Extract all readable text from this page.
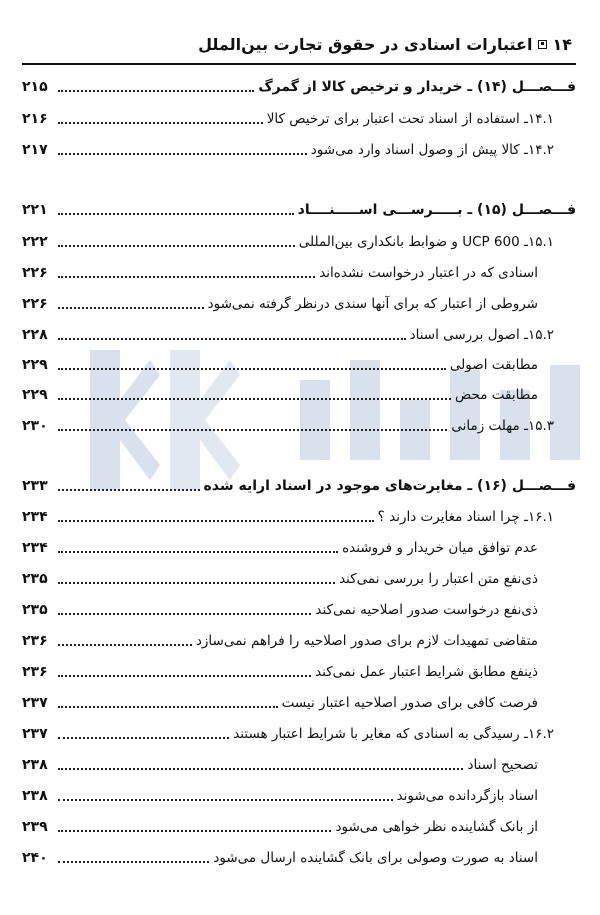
۱۴
اعتبارات اسنادی در حقوق تجارت بین‌الملل
فـــصـــل (۱۴) ـ خریدار و ترخیص کالا از گمرگ
۲۱۵
۱۴.۱ـ استفاده از اسناد تحت اعتبار برای ترخیص کالا
۲۱۶
۱۴.۲ـ کالا پیش از وصول اسناد وارد می‌شود
۲۱۷
فـــصـــل (۱۵) ـ بـــــرســـی اســـــنــــاد
۲۲۱
۱۵.۱ـ UCP 600 و ضوابط بانکداری بین‌المللی
۲۲۲
اسنادی که در اعتبار درخواست نشده‌اند
۲۲۶
شروطی از اعتبار که برای آنها سندی درنظر گرفته نمی‌شود
۲۲۶
۱۵.۲ـ اصول بررسی اسناد
۲۲۸
مطابقت اصولی
۲۲۹
مطابقت محض
۲۲۹
۱۵.۳ـ مهلت زمانی
۲۳۰
فـــصـــل (۱۶) ـ مغایرت‌های موجود در اسناد ارایه شده
۲۳۳
۱۶.۱ـ چرا اسناد مغایرت دارند ؟
۲۳۴
عدم توافق میان خریدار و فروشنده
۲۳۴
ذی‌نفع متن اعتبار را بررسی نمی‌کند
۲۳۵
ذی‌نفع درخواست صدور اصلاحیه نمی‌کند
۲۳۵
متقاضی تمهیدات لازم برای صدور اصلاحیه را فراهم نمی‌سازد
۲۳۶
ذینفع مطابق شرایط اعتبار عمل نمی‌کند
۲۳۶
فرصت کافی برای صدور اصلاحیه اعتبار نیست
۲۳۷
۱۶.۲ـ رسیدگی به اسنادی که مغایر با شرایط اعتبار هستند
۲۳۷
تصحیح اسناد
۲۳۸
اسناد بازگردانده می‌شوند
۲۳۸
از بانک گشاینده نظر خواهی می‌شود
۲۳۹
اسناد به صورت وصولی برای بانک گشاینده ارسال می‌شود
۲۴۰
